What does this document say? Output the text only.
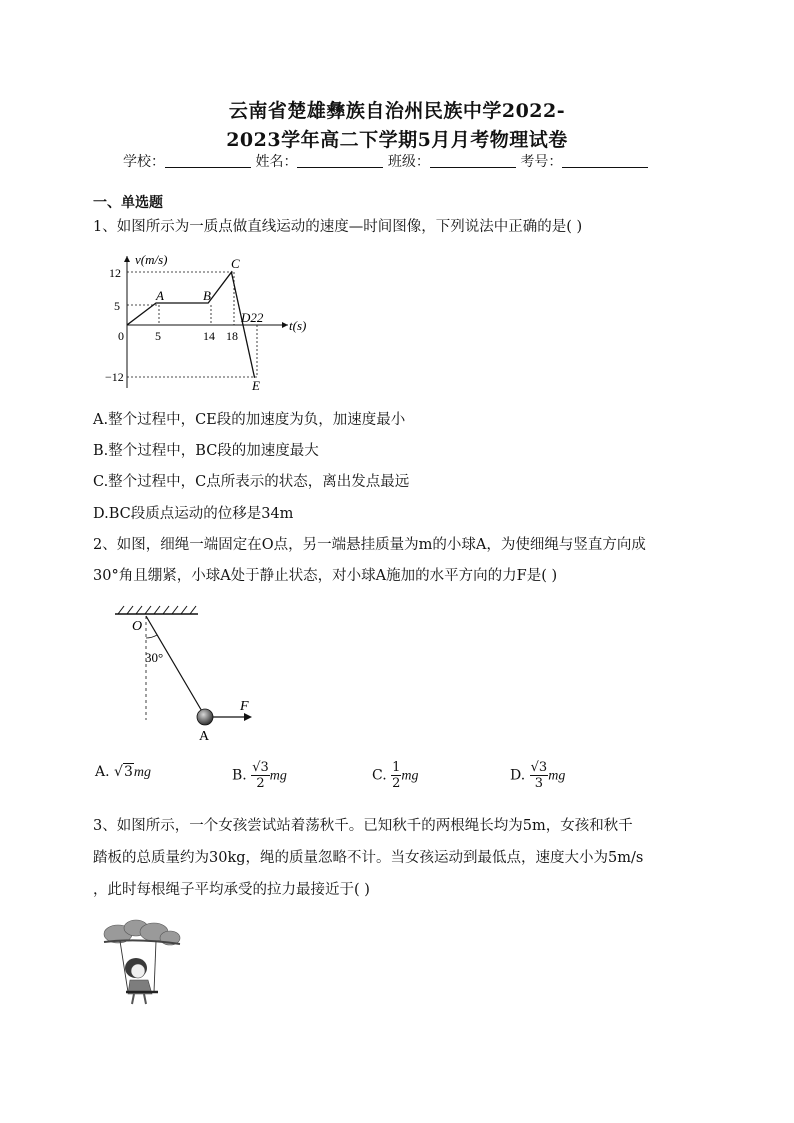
云南省楚雄彝族自治州民族中学2022-
2023学年高二下学期5月月考物理试卷
学校：	姓名：	班级：	考号：
一、单选题
1、如图所示为一质点做直线运动的速度—时间图像，下列说法中正确的是( )
v(m/s)
t(s)
12
5
0
−12
5	14 18
A	B
C
D22
E
A.整个过程中，CE段的加速度为负，加速度最小
B.整个过程中，BC段的加速度最大
C.整个过程中，C点所表示的状态，离出发点最远
D.BC段质点运动的位移是34m
2、如图，细绳一端固定在O点，另一端悬挂质量为m的小球A，为使细绳与竖直方向成
30°角且绷紧，小球A处于静止状态，对小球A施加的水平方向的力F是( )
O
30°
F
A
A. √3mg	B. $\frac{√3}{2}$ mg	C. $\frac{1}{2}$ mg	D. $\frac{√3}{3}$ mg
3、如图所示，一个女孩尝试站着荡秋千。已知秋千的两根绳长均为5m，女孩和秋千
踏板的总质量约为30kg，绳的质量忽略不计。当女孩运动到最低点，速度大小为5m/s
，此时每根绳子平均承受的拉力最接近于( )
